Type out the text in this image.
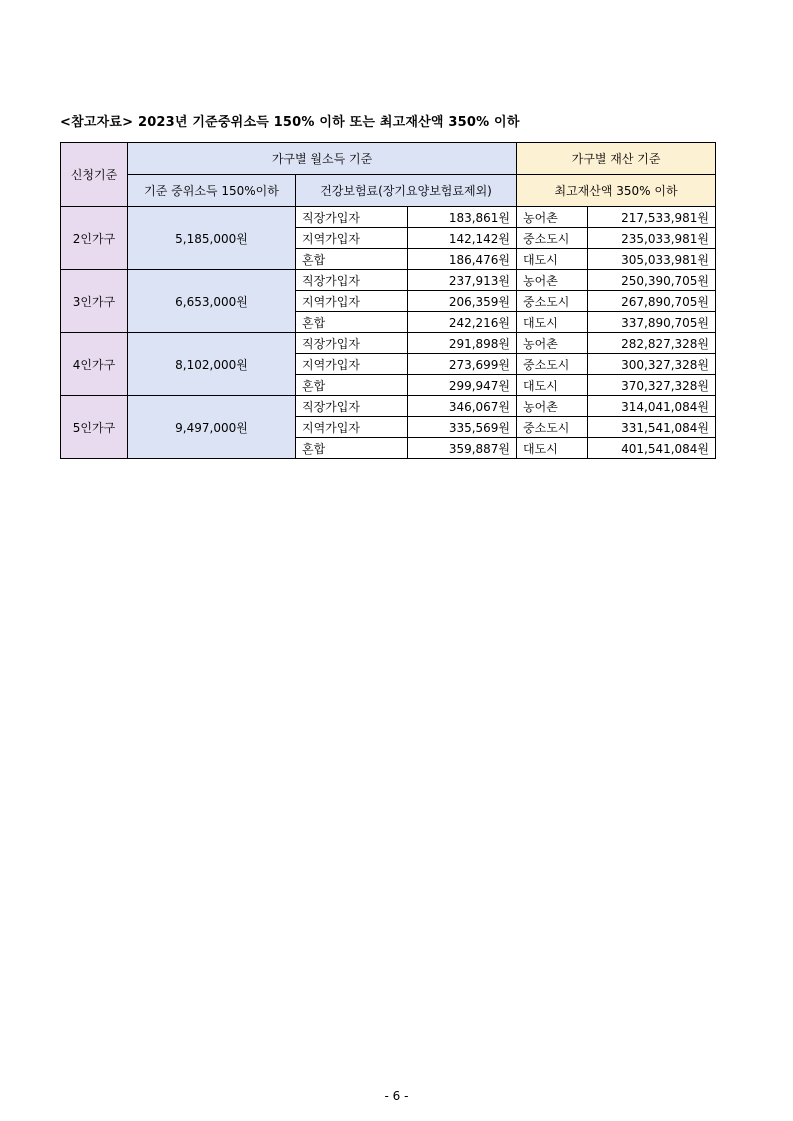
<참고자료> 2023년 기준중위소득 150% 이하 또는 최고재산액 350% 이하
신청기준	가구별 월소득 기준			가구별 재산 기준	
	기준 중위소득 150%이하	건강보험료(장기요양보험료제외)		최고재산액 350% 이하	
2인가구	5,185,000원	직장가입자	183,861원	농어촌	217,533,981원
		지역가입자	142,142원	중소도시	235,033,981원
		혼합	186,476원	대도시	305,033,981원
3인가구	6,653,000원	직장가입자	237,913원	농어촌	250,390,705원
		지역가입자	206,359원	중소도시	267,890,705원
		혼합	242,216원	대도시	337,890,705원
4인가구	8,102,000원	직장가입자	291,898원	농어촌	282,827,328원
		지역가입자	273,699원	중소도시	300,327,328원
		혼합	299,947원	대도시	370,327,328원
5인가구	9,497,000원	직장가입자	346,067원	농어촌	314,041,084원
		지역가입자	335,569원	중소도시	331,541,084원
		혼합	359,887원	대도시	401,541,084원
- 6 -
